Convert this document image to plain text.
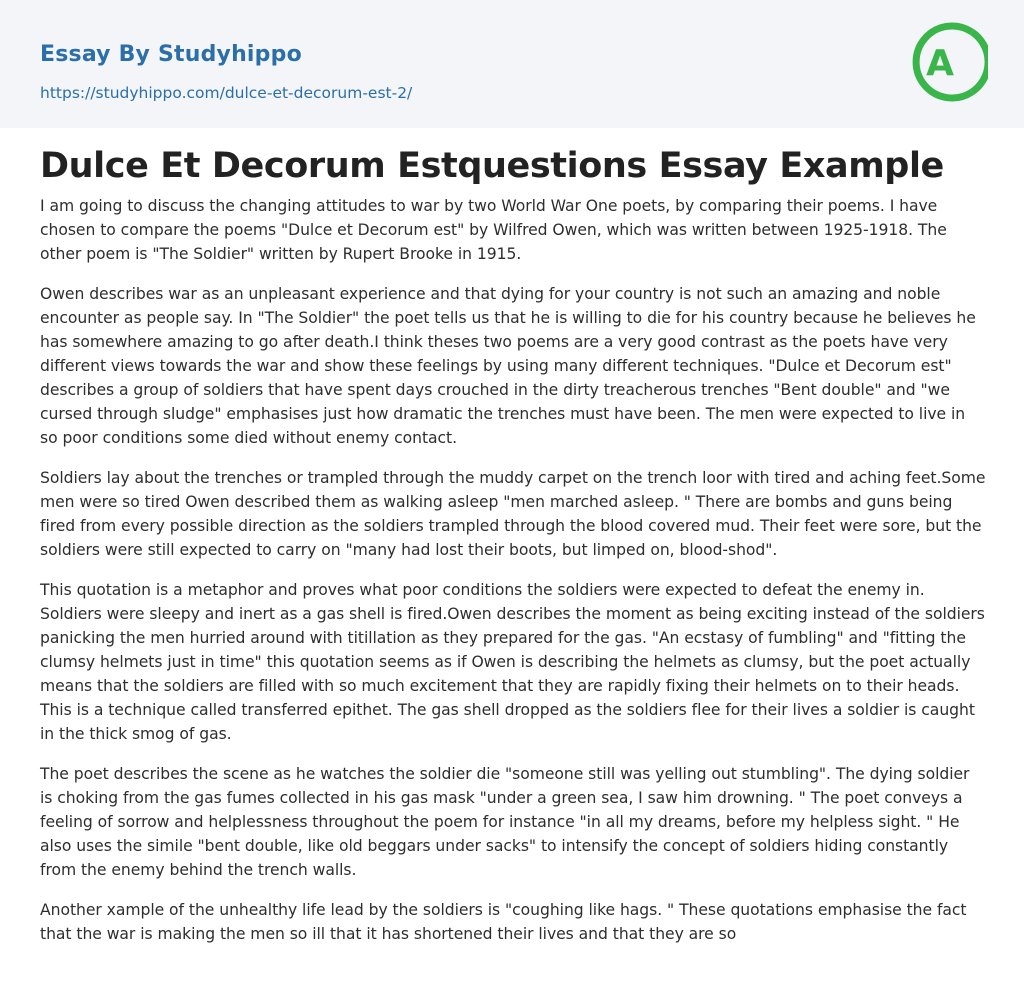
Essay By Studyhippo
https://studyhippo.com/dulce-et-decorum-est-2/
A
Dulce Et Decorum Estquestions Essay Example

I am going to discuss the changing attitudes to war by two World War One poets, by comparing their poems. I have chosen to compare the poems "Dulce et Decorum est" by Wilfred Owen, which was written between 1925-1918. The other poem is "The Soldier" written by Rupert Brooke in 1915.

Owen describes war as an unpleasant experience and that dying for your country is not such an amazing and noble encounter as people say. In "The Soldier" the poet tells us that he is willing to die for his country because he believes he has somewhere amazing to go after death.I think theses two poems are a very good contrast as the poets have very different views towards the war and show these feelings by using many different techniques. "Dulce et Decorum est" describes a group of soldiers that have spent days crouched in the dirty treacherous trenches "Bent double" and "we cursed through sludge" emphasises just how dramatic the trenches must have been. The men were expected to live in so poor conditions some died without enemy contact.

Soldiers lay about the trenches or trampled through the muddy carpet on the trench loor with tired and aching feet.Some men were so tired Owen described them as walking asleep "men marched asleep. " There are bombs and guns being fired from every possible direction as the soldiers trampled through the blood covered mud. Their feet were sore, but the soldiers were still expected to carry on "many had lost their boots, but limped on, blood-shod".

This quotation is a metaphor and proves what poor conditions the soldiers were expected to defeat the enemy in. Soldiers were sleepy and inert as a gas shell is fired.Owen describes the moment as being exciting instead of the soldiers panicking the men hurried around with titillation as they prepared for the gas. "An ecstasy of fumbling" and "fitting the clumsy helmets just in time" this quotation seems as if Owen is describing the helmets as clumsy, but the poet actually means that the soldiers are filled with so much excitement that they are rapidly fixing their helmets on to their heads. This is a technique called transferred epithet. The gas shell dropped as the soldiers flee for their lives a soldier is caught in the thick smog of gas.

The poet describes the scene as he watches the soldier die "someone still was yelling out stumbling". The dying soldier is choking from the gas fumes collected in his gas mask "under a green sea, I saw him drowning. " The poet conveys a feeling of sorrow and helplessness throughout the poem for instance "in all my dreams, before my helpless sight. " He also uses the simile "bent double, like old beggars under sacks" to intensify the concept of soldiers hiding constantly from the enemy behind the trench walls.

Another xample of the unhealthy life lead by the soldiers is "coughing like hags. " These quotations emphasise the fact that the war is making the men so ill that it has shortened their lives and that they are so
